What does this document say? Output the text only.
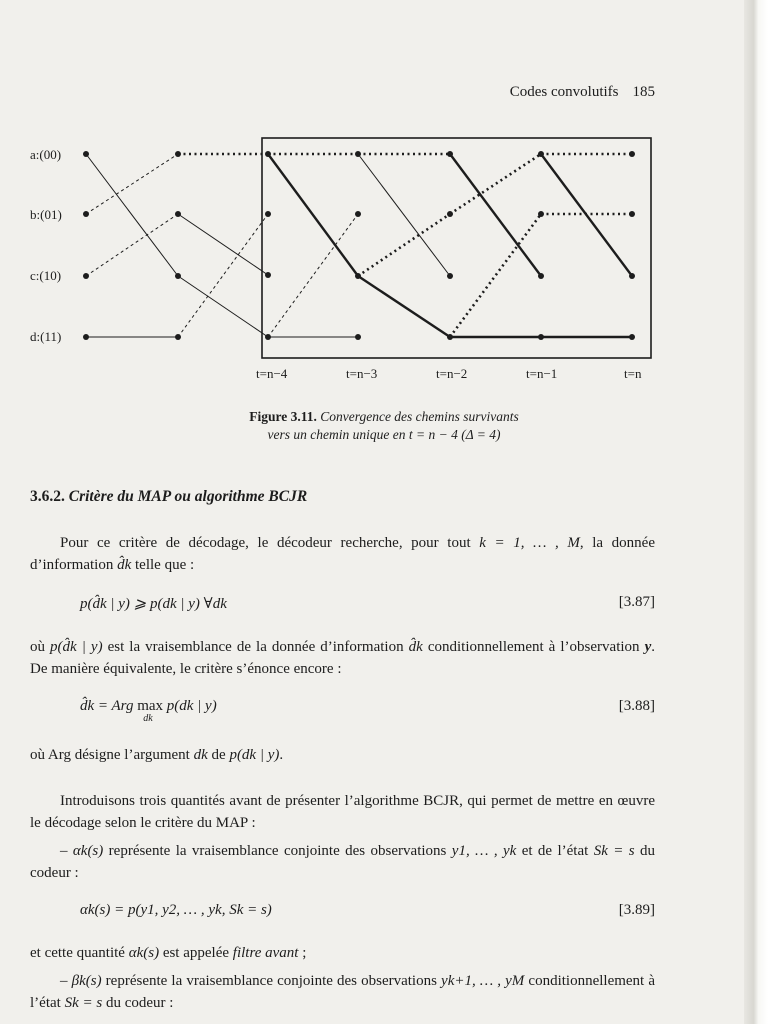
Codes convolutifs 185
a:(00)
b:(01)
c:(10)
d:(11)
t=n−4	t=n−3	t=n−2	t=n−1	t=n
Figure 3.11. Convergence des chemins survivants
vers un chemin unique en t = n − 4 (Δ = 4)
3.6.2. Critère du MAP ou algorithme BCJR
Pour ce critère de décodage, le décodeur recherche, pour tout k = 1, … , M, la donnée d’information d̂k telle que :
p(d̂k | y) ⩾ p(dk | y) ∀dk	[3.87]
où p(d̂k | y) est la vraisemblance de la donnée d’information d̂k conditionnellement à l’observation y. De manière équivalente, le critère s’énonce encore :
d̂k = Arg max
dk
p(dk | y)	[3.88]
où Arg désigne l’argument dk de p(dk | y).
Introduisons trois quantités avant de présenter l’algorithme BCJR, qui permet de mettre en œuvre le décodage selon le critère du MAP :
– αk(s) représente la vraisemblance conjointe des observations y1, … , yk et de l’état Sk = s du codeur :
αk(s) = p(y1, y2, … , yk, Sk = s)	[3.89]
et cette quantité αk(s) est appelée filtre avant ;
– βk(s) représente la vraisemblance conjointe des observations yk+1, … , yM conditionnellement à l’état Sk = s du codeur :
